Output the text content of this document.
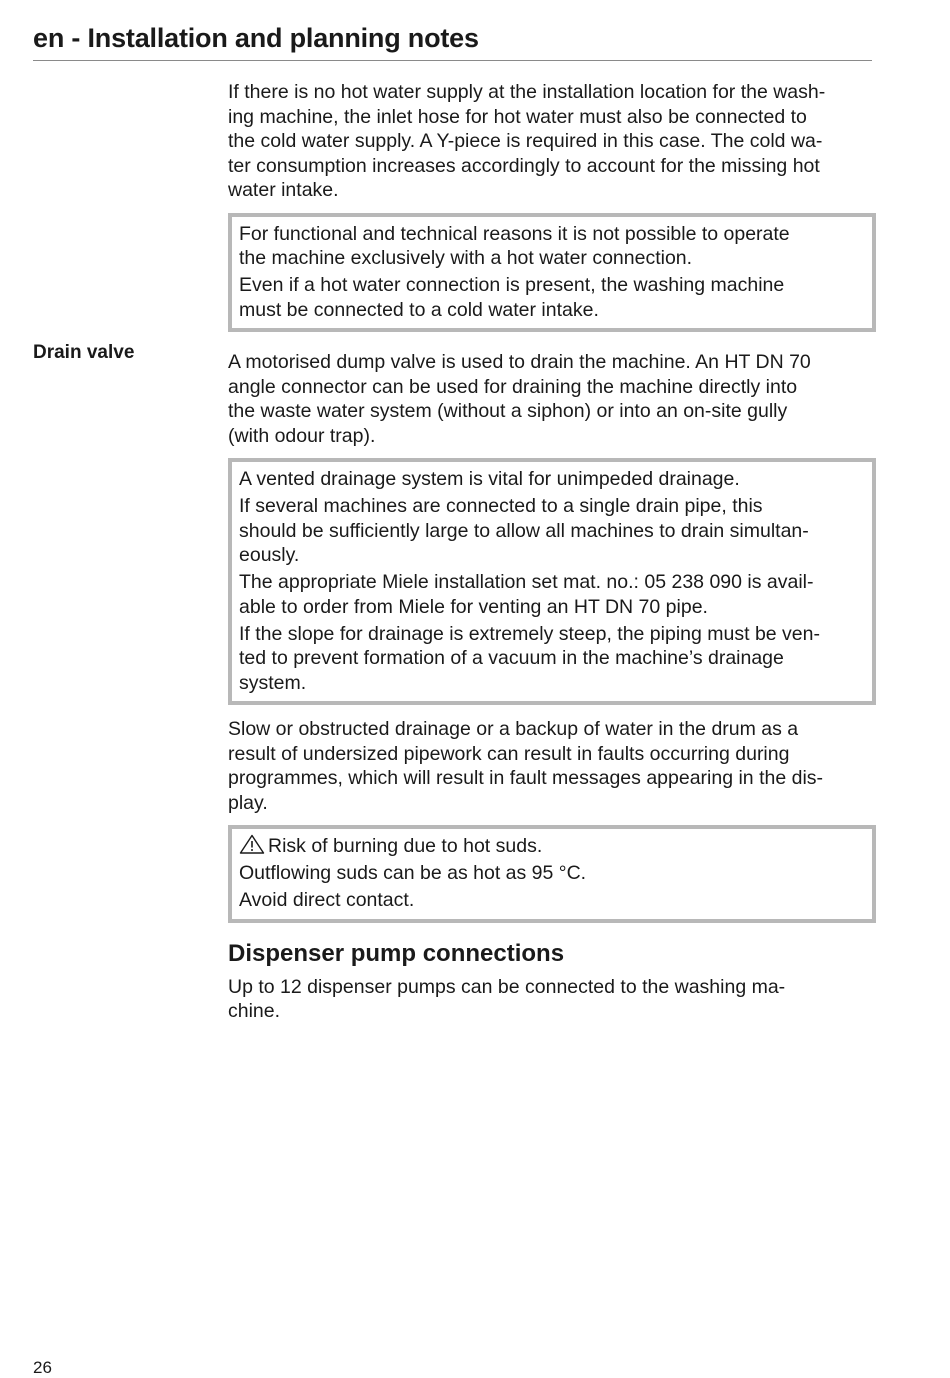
en - Installation and planning notes
Drain valve

If there is no hot water supply at the installation location for the wash-
ing machine, the inlet hose for hot water must also be connected to
the cold water supply. A Y-piece is required in this case. The cold wa-
ter consumption increases accordingly to account for the missing hot
water intake.

For functional and technical reasons it is not possible to operate
the machine exclusively with a hot water connection.

Even if a hot water connection is present, the washing machine
must be connected to a cold water intake.

A motorised dump valve is used to drain the machine. An HT DN 70
angle connector can be used for draining the machine directly into
the waste water system (without a siphon) or into an on-site gully
(with odour trap).

A vented drainage system is vital for unimpeded drainage.

If several machines are connected to a single drain pipe, this
should be sufficiently large to allow all machines to drain simultan-
eously.

The appropriate Miele installation set mat. no.: 05 238 090 is avail-
able to order from Miele for venting an HT DN 70 pipe.

If the slope for drainage is extremely steep, the piping must be ven-
ted to prevent formation of a vacuum in the machine’s drainage
system.

Slow or obstructed drainage or a backup of water in the drum as a
result of undersized pipework can result in faults occurring during
programmes, which will result in fault messages appearing in the dis-
play.

Risk of burning due to hot suds.

Outflowing suds can be as hot as 95 °C.

Avoid direct contact.

Dispenser pump connections

Up to 12 dispenser pumps can be connected to the washing ma-
chine.

26
